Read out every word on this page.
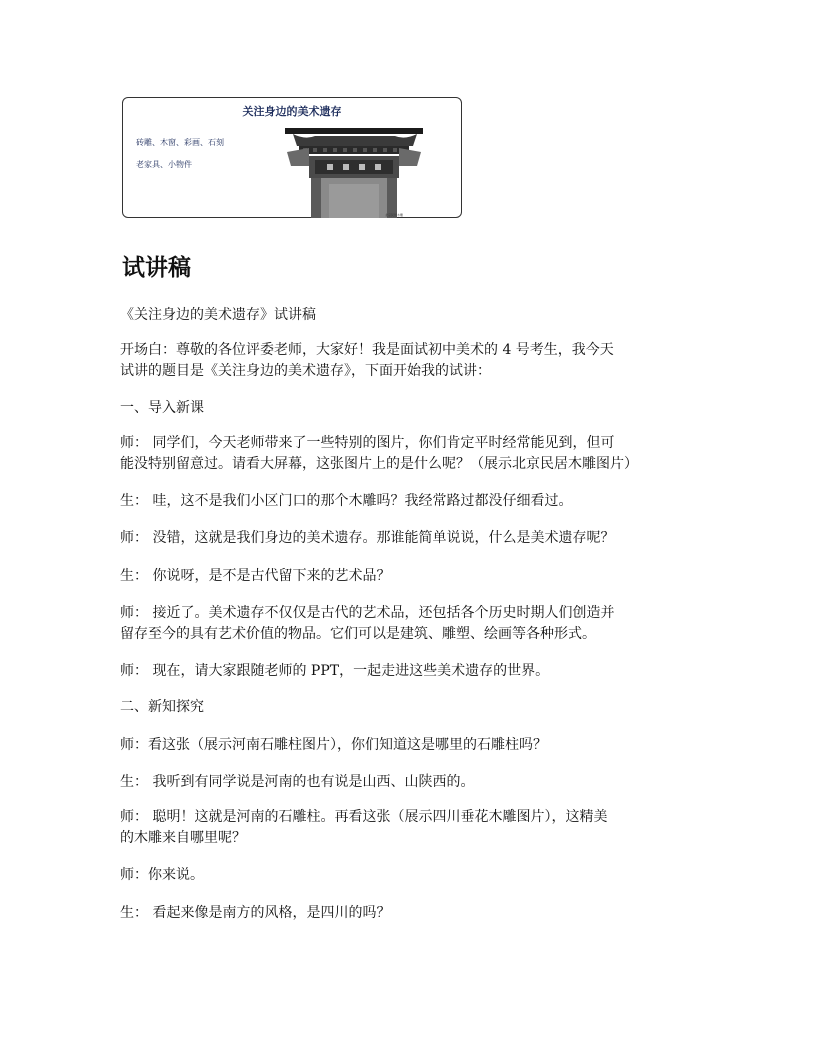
关注身边的美术遗存
砖雕、木窗、彩画、石刻
老家具、小物件
北京民居木雕
试讲稿
《关注身边的美术遗存》试讲稿
开场白：尊敬的各位评委老师，大家好！我是面试初中美术的 4 号考生，我今天
试讲的题目是《关注身边的美术遗存》，下面开始我的试讲：
一、导入新课
师： 同学们，今天老师带来了一些特别的图片，你们肯定平时经常能见到，但可
能没特别留意过。请看大屏幕，这张图片上的是什么呢？（展示北京民居木雕图片）
生： 哇，这不是我们小区门口的那个木雕吗？我经常路过都没仔细看过。
师： 没错，这就是我们身边的美术遗存。那谁能简单说说，什么是美术遗存呢？
生： 你说呀，是不是古代留下来的艺术品？
师： 接近了。美术遗存不仅仅是古代的艺术品，还包括各个历史时期人们创造并
留存至今的具有艺术价值的物品。它们可以是建筑、雕塑、绘画等各种形式。
师： 现在，请大家跟随老师的 PPT，一起走进这些美术遗存的世界。
二、新知探究
师：看这张（展示河南石雕柱图片），你们知道这是哪里的石雕柱吗？
生： 我听到有同学说是河南的也有说是山西、山陕西的。
师： 聪明！这就是河南的石雕柱。再看这张（展示四川垂花木雕图片），这精美
的木雕来自哪里呢？
师：你来说。
生： 看起来像是南方的风格，是四川的吗？
